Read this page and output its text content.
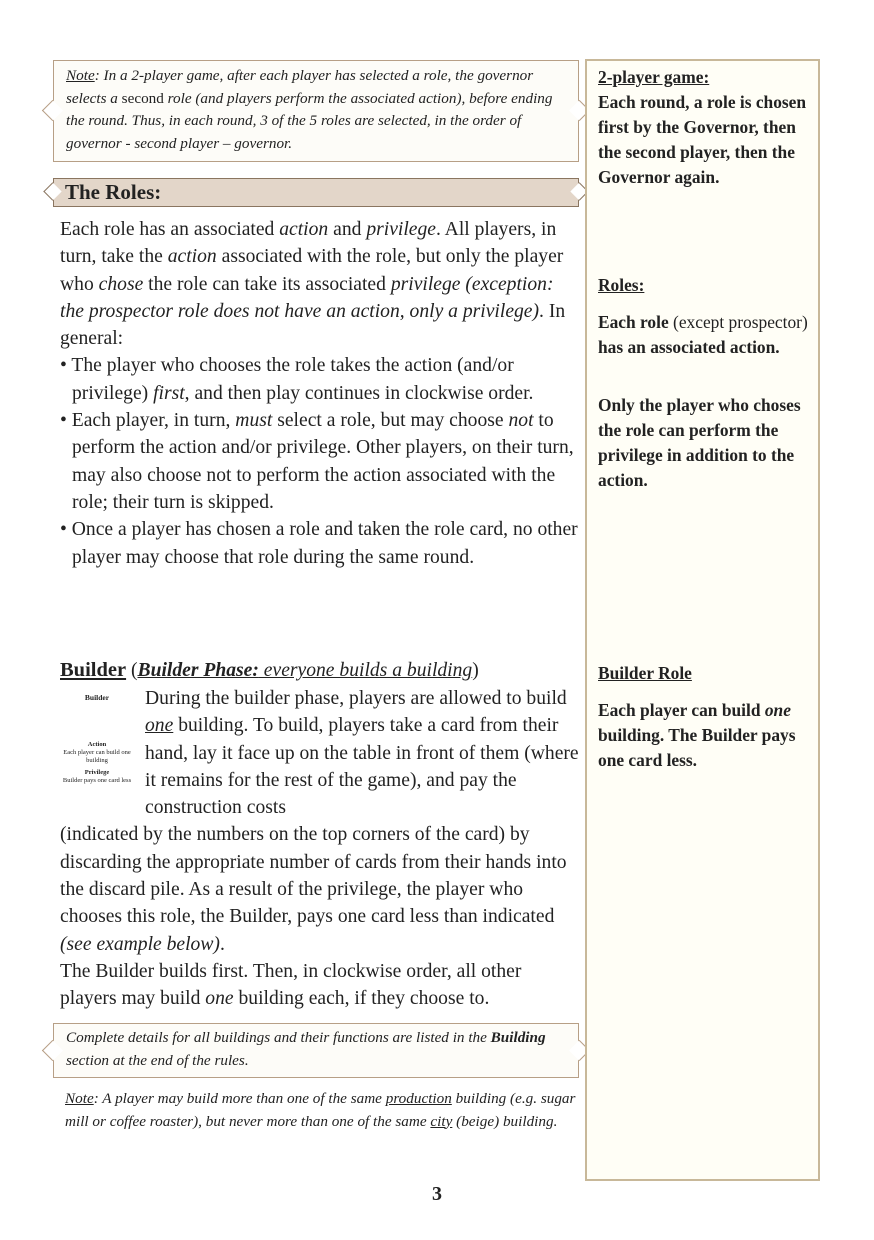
Note: In a 2-player game, after each player has selected a role, the governor selects a second role (and players perform the associated action), before ending the round. Thus, in each round, 3 of the 5 roles are selected, in the order of governor - second player – governor.
The Roles:
Each role has an associated action and privilege. All players, in turn, take the action associated with the role, but only the player who chose the role can take its associated privilege (exception: the prospector role does not have an action, only a privilege). In general:
• The player who chooses the role takes the action (and/or privilege) first, and then play continues in clockwise order.
• Each player, in turn, must select a role, but may choose not to perform the action and/or privilege. Other players, on their turn, may also choose not to perform the action associated with the role; their turn is skipped.
• Once a player has chosen a role and taken the role card, no other player may choose that role during the same round.
Builder (Builder Phase: everyone builds a building)
Builder
Action
Each player can build one building
Privilege
Builder pays one card less
During the builder phase, players are allowed to build one building. To build, players take a card from their hand, lay it face up on the table in front of them (where it remains for the rest of the game), and pay the construction costs
(indicated by the numbers on the top corners of the card) by discarding the appropriate number of cards from their hands into the discard pile. As a result of the privilege, the player who chooses this role, the Builder, pays one card less than indicated (see example below).
The Builder builds first. Then, in clockwise order, all other players may build one building each, if they choose to.
Complete details for all buildings and their functions are listed in the Building section at the end of the rules.
Note: A player may build more than one of the same production building (e.g. sugar mill or coffee roaster), but never more than one of the same city (beige) building.
2-player game:
Each round, a role is chosen first by the Governor, then the second player, then the Governor again.
Roles:
Each role (except prospector) has an associated action.
Only the player who choses the role can perform the privilege in addition to the action.
Builder Role
Each player can build one building. The Builder pays one card less.
3
